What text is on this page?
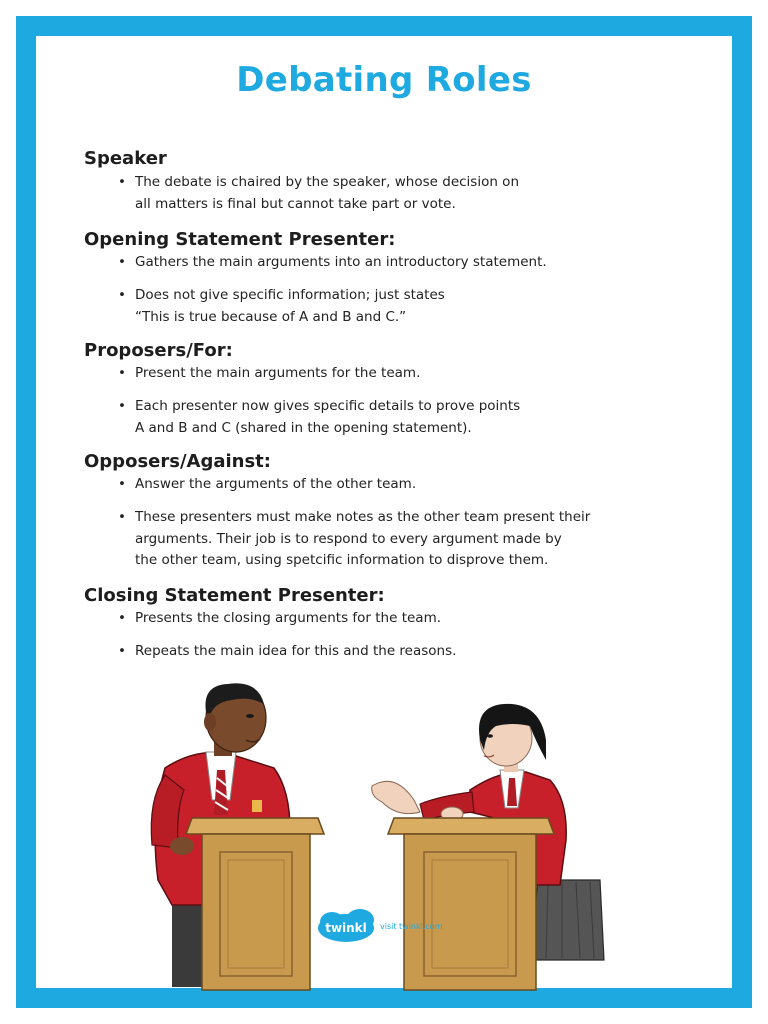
Debating Roles
Speaker
• The debate is chaired by the speaker, whose decision on
all matters is final but cannot take part or vote.
Opening Statement Presenter:
• Gathers the main arguments into an introductory statement.
• Does not give specific information; just states
“This is true because of A and B and C.”
Proposers/For:
• Present the main arguments for the team.
• Each presenter now gives specific details to prove points
A and B and C (shared in the opening statement).
Opposers/Against:
• Answer the arguments of the other team.
• These presenters must make notes as the other team present their
arguments. Their job is to respond to every argument made by
the other team, using spetcific information to disprove them.
Closing Statement Presenter:
• Presents the closing arguments for the team.
• Repeats the main idea for this and the reasons.
twinkl visit twinkl.com
